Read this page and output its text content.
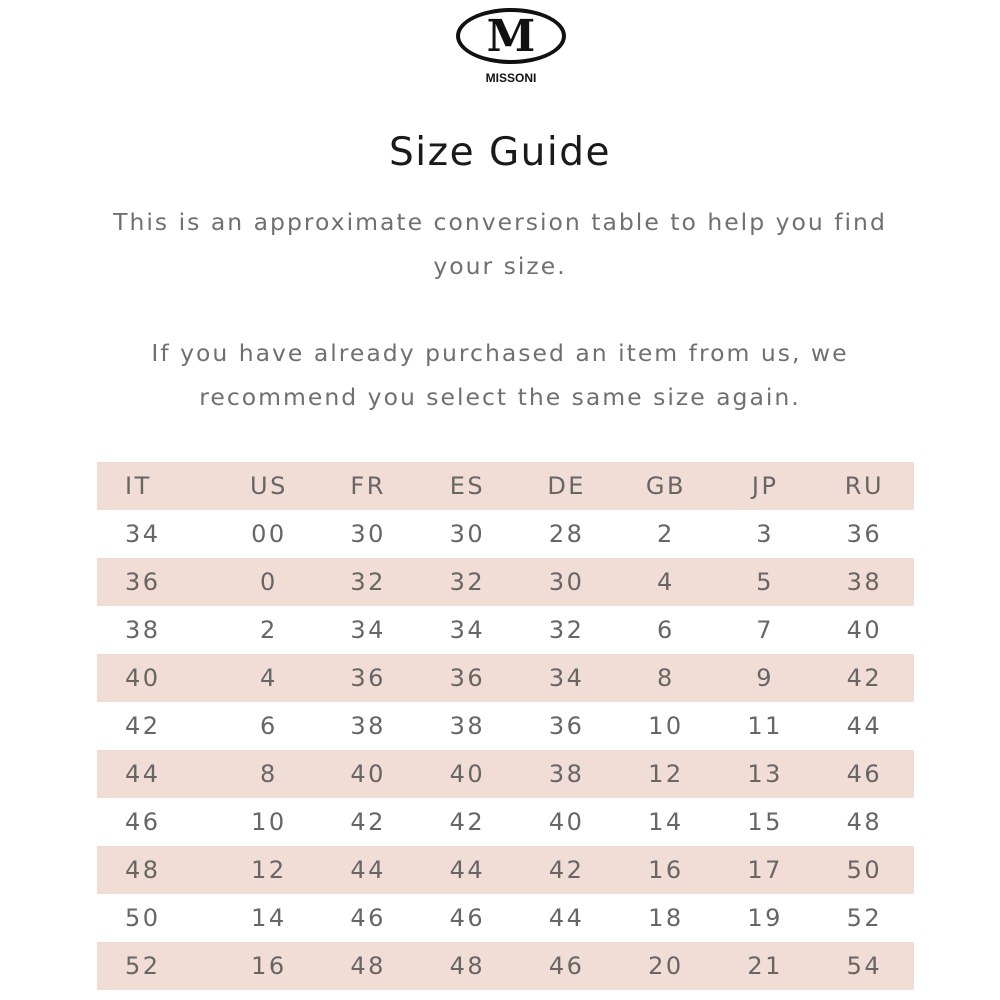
M
MISSONI
Size Guide
This is an approximate conversion table to help you find
your size.
If you have already purchased an item from us, we
recommend you select the same size again.
IT	US	FR	ES	DE	GB	JP	RU
34	00	30	30	28	2	3	36
36	0	32	32	30	4	5	38
38	2	34	34	32	6	7	40
40	4	36	36	34	8	9	42
42	6	38	38	36	10	11	44
44	8	40	40	38	12	13	46
46	10	42	42	40	14	15	48
48	12	44	44	42	16	17	50
50	14	46	46	44	18	19	52
52	16	48	48	46	20	21	54
